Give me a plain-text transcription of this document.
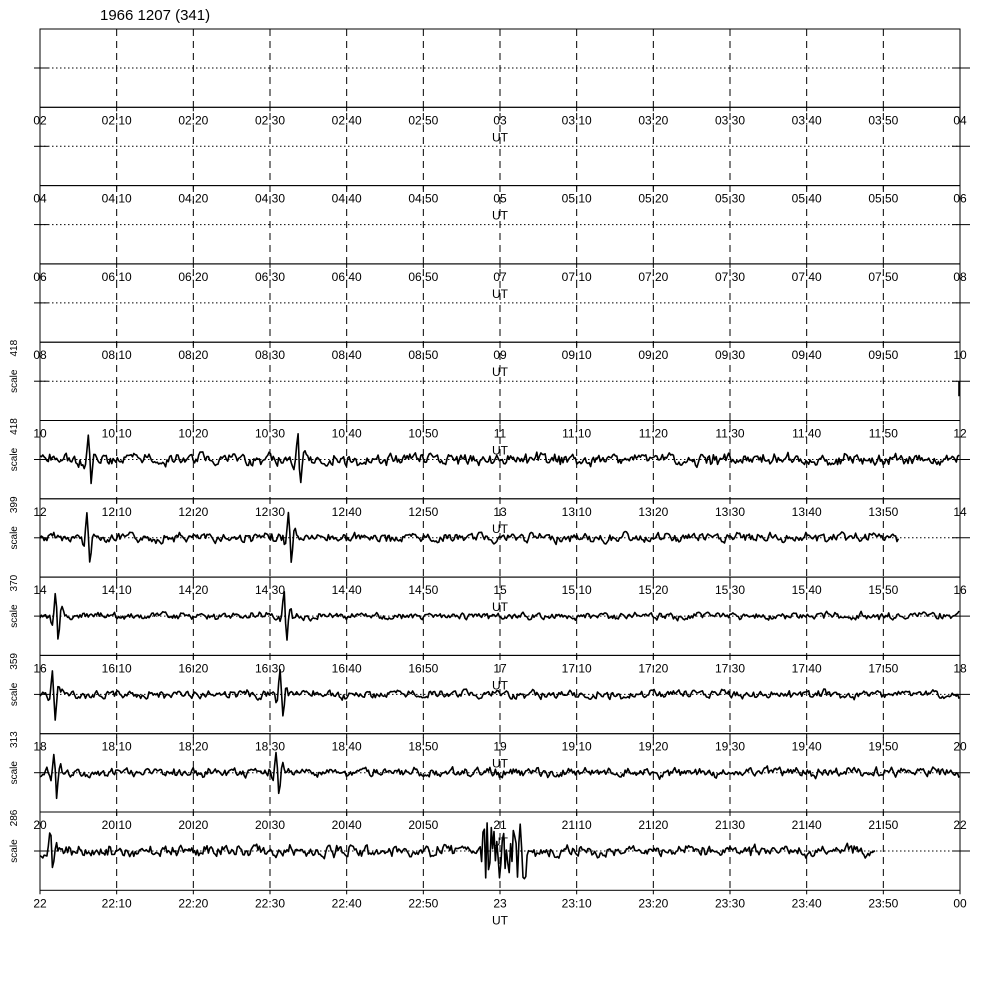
1966 1207 (341)
02	02:10	02:20	02:30	02:40	02:50	03	03:10	03:20	03:30	03:40	03:50	04
UT
04	04:10	04:20	04:30	04:40	04:50	05	05:10	05:20	05:30	05:40	05:50	06
UT
06	06:10	06:20	06:30	06:40	06:50	07	07:10	07:20	07:30	07:40	07:50	08
UT
08	08:10	08:20	08:30	08:40	08:50	09	09:10	09:20	09:30	09:40	09:50	10
UT
10	10:10	10:20	10:30	10:40	10:50	11	11:10	11:20	11:30	11:40	11:50	12
UT
scale
418
12	12:10	12:20	12:30	12:40	12:50	13	13:10	13:20	13:30	13:40	13:50	14
UT
scale
418
14	14:10	14:20	14:30	14:40	14:50	15	15:10	15:20	15:30	15:40	15:50	16
UT
scale
399
16	16:10	16:20	16:30	16:40	16:50	17	17:10	17:20	17:30	17:40	17:50	18
UT
scale
370
18	18:10	18:20	18:30	18:40	18:50	19	19:10	19:20	19:30	19:40	19:50	20
UT
scale
359
20	20:10	20:20	20:30	20:40	20:50	21	21:10	21:20	21:30	21:40	21:50	22
UT
scale
313
22	22:10	22:20	22:30	22:40	22:50	23	23:10	23:20	23:30	23:40	23:50	00
UT
scale
286
